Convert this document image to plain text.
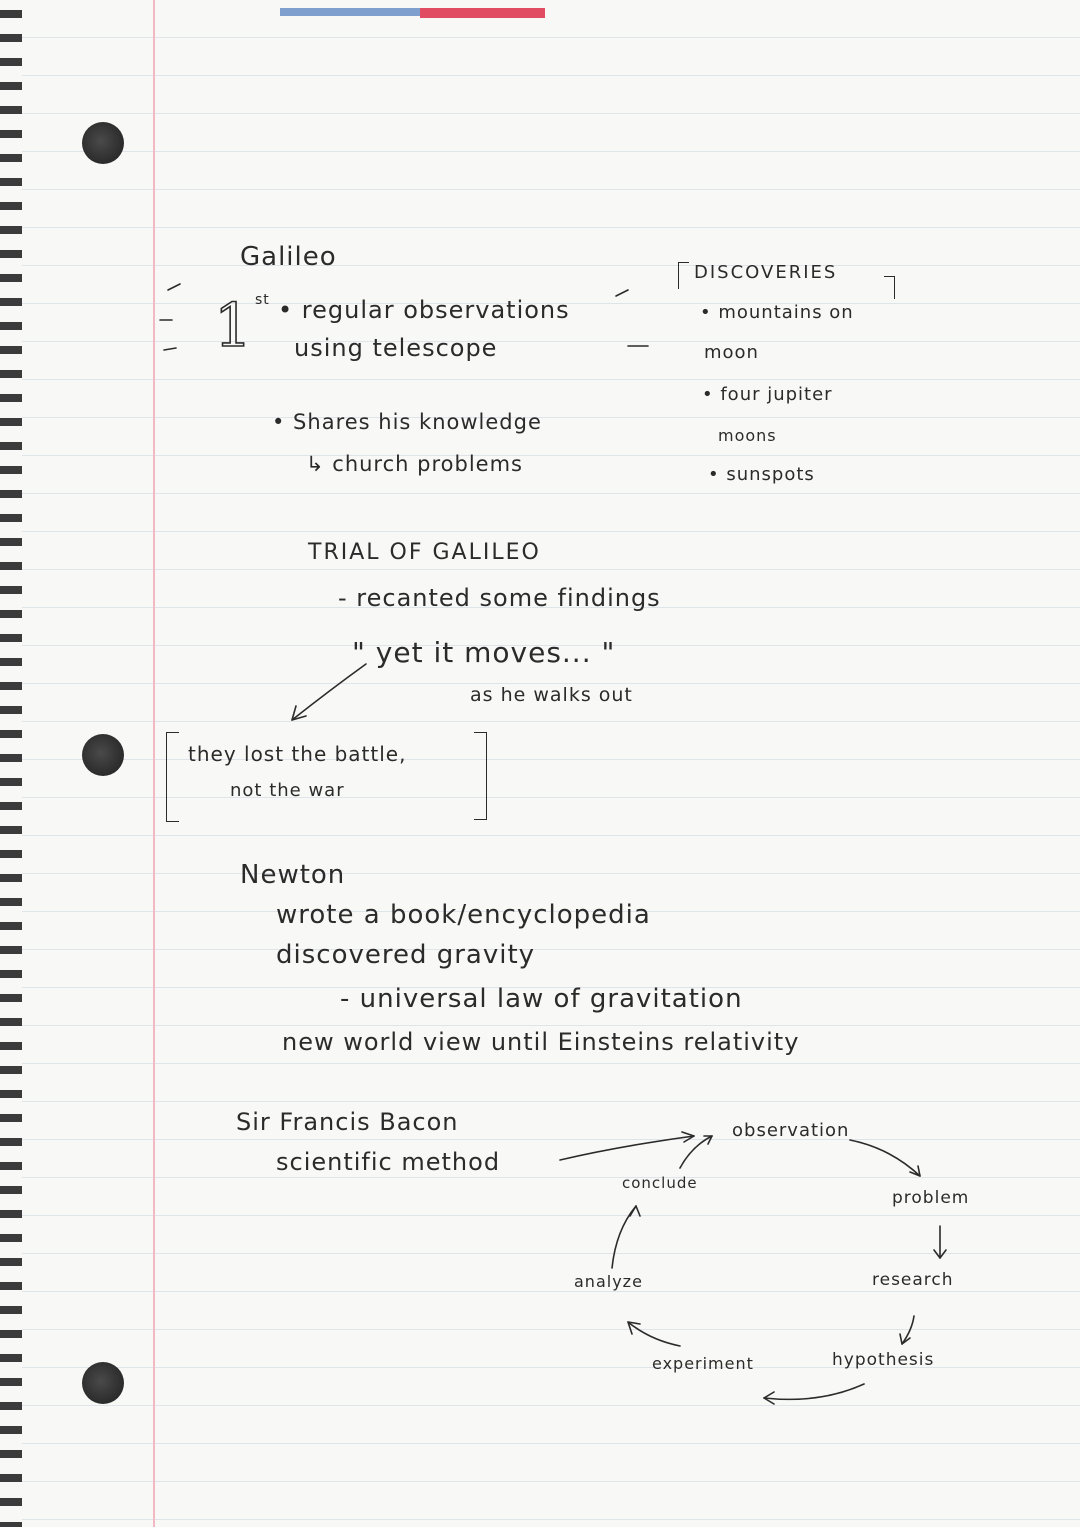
Galileo
1 st • regular observations
using telescope
• Shares his knowledge
↳ church problems
DISCOVERIES
• mountains on
moon
• four jupiter
moons
• sunspots
TRIAL OF GALILEO
- recanted some findings
" yet it moves... "
as he walks out
they lost the battle,
not the war
Newton
wrote a book/encyclopedia
discovered gravity
- universal law of gravitation
new world view until Einsteins relativity
Sir Francis Bacon
scientific method
observation
problem
research
hypothesis
experiment
analyze
conclude
